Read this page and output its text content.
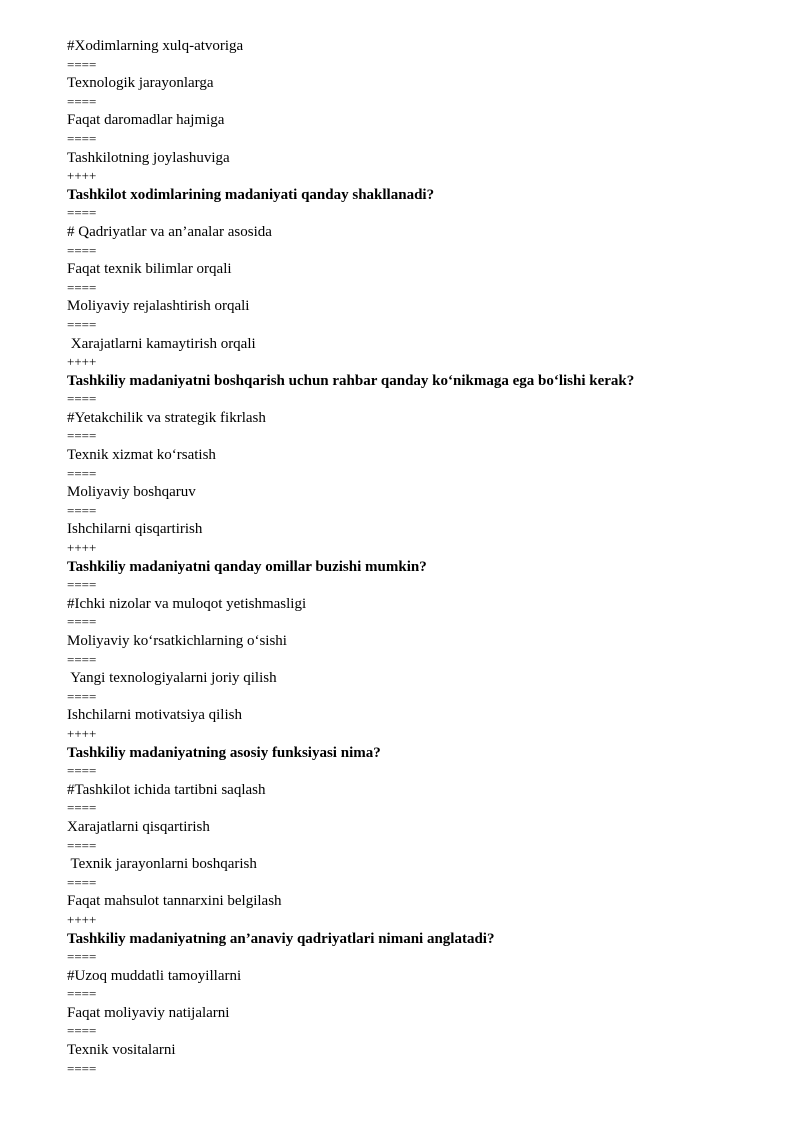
#Xodimlarning xulq-atvoriga
====
Texnologik jarayonlarga
====
Faqat daromadlar hajmiga
====
Tashkilotning joylashuviga
++++
Tashkilot xodimlarining madaniyati qanday shakllanadi?
====
# Qadriyatlar va an’analar asosida
====
Faqat texnik bilimlar orqali
====
Moliyaviy rejalashtirish orqali
====
Xarajatlarni kamaytirish orqali
++++
Tashkiliy madaniyatni boshqarish uchun rahbar qanday ko‘nikmaga ega bo‘lishi kerak?
====
#Yetakchilik va strategik fikrlash
====
Texnik xizmat ko‘rsatish
====
Moliyaviy boshqaruv
====
Ishchilarni qisqartirish
++++
Tashkiliy madaniyatni qanday omillar buzishi mumkin?
====
#Ichki nizolar va muloqot yetishmasligi
====
Moliyaviy ko‘rsatkichlarning o‘sishi
====
Yangi texnologiyalarni joriy qilish
====
Ishchilarni motivatsiya qilish
++++
Tashkiliy madaniyatning asosiy funksiyasi nima?
====
#Tashkilot ichida tartibni saqlash
====
Xarajatlarni qisqartirish
====
Texnik jarayonlarni boshqarish
====
Faqat mahsulot tannarxini belgilash
++++
Tashkiliy madaniyatning an’anaviy qadriyatlari nimani anglatadi?
====
#Uzoq muddatli tamoyillarni
====
Faqat moliyaviy natijalarni
====
Texnik vositalarni
====
